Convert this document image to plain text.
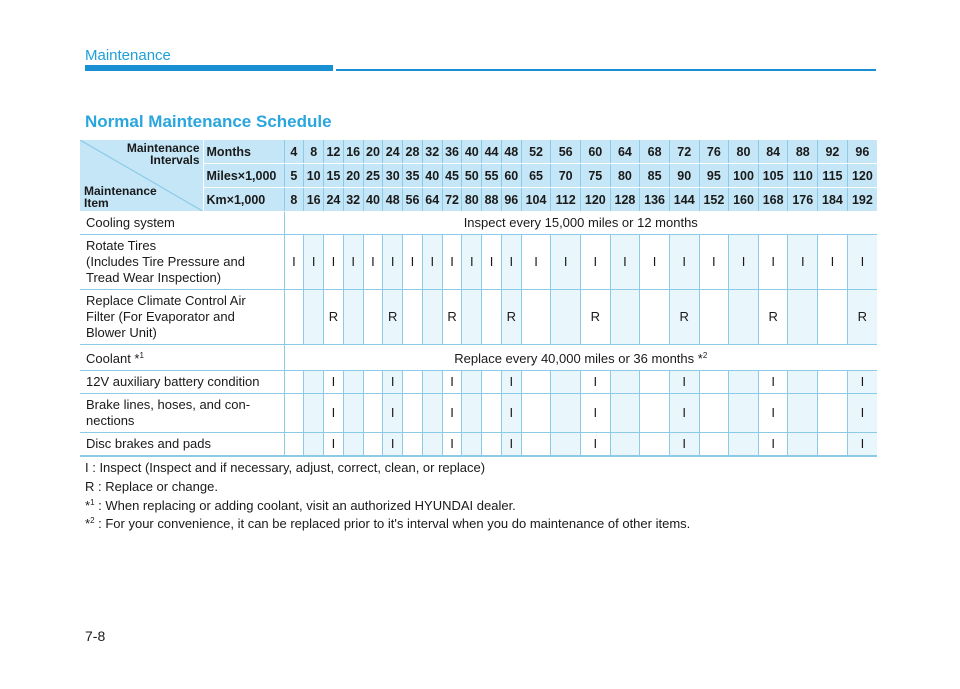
Maintenance
Normal Maintenance Schedule
Maintenance
Intervals
Maintenance
Item	Months	4	8	12	16	20	24	28	32	36	40	44	48	52	56	60	64	68	72	76	80	84	88	92	96
	Miles×1,000	5	10	15	20	25	30	35	40	45	50	55	60	65	70	75	80	85	90	95	100	105	110	115	120
	Km×1,000	8	16	24	32	40	48	56	64	72	80	88	96	104	112	120	128	136	144	152	160	168	176	184	192
Cooling system		Inspect every 15,000 miles or 12 months																							
Rotate Tires
(Includes Tire Pressure and
Tread Wear Inspection)		I	I	I	I	I	I	I	I	I	I	I	I	I	I	I	I	I	I	I	I	I	I	I	I
Replace Climate Control Air
Filter (For Evaporator and
Blower Unit)				R			R			R			R			R			R			R			R
Coolant *$^1$		Replace every 40,000 miles or 36 months *$^2$
12V auxiliary battery condition				I			I			I			I			I			I			I			I
Brake lines, hoses, and con-
nections				I			I			I			I			I			I			I			I
Disc brakes and pads				I			I			I			I			I			I			I			I
I : Inspect (Inspect and if necessary, adjust, correct, clean, or replace)
R : Replace or change.
*$^1$ : When replacing or adding coolant, visit an authorized HYUNDAI dealer.
*$^2$ : For your convenience, it can be replaced prior to it's interval when you do maintenance of other items.
7-8
